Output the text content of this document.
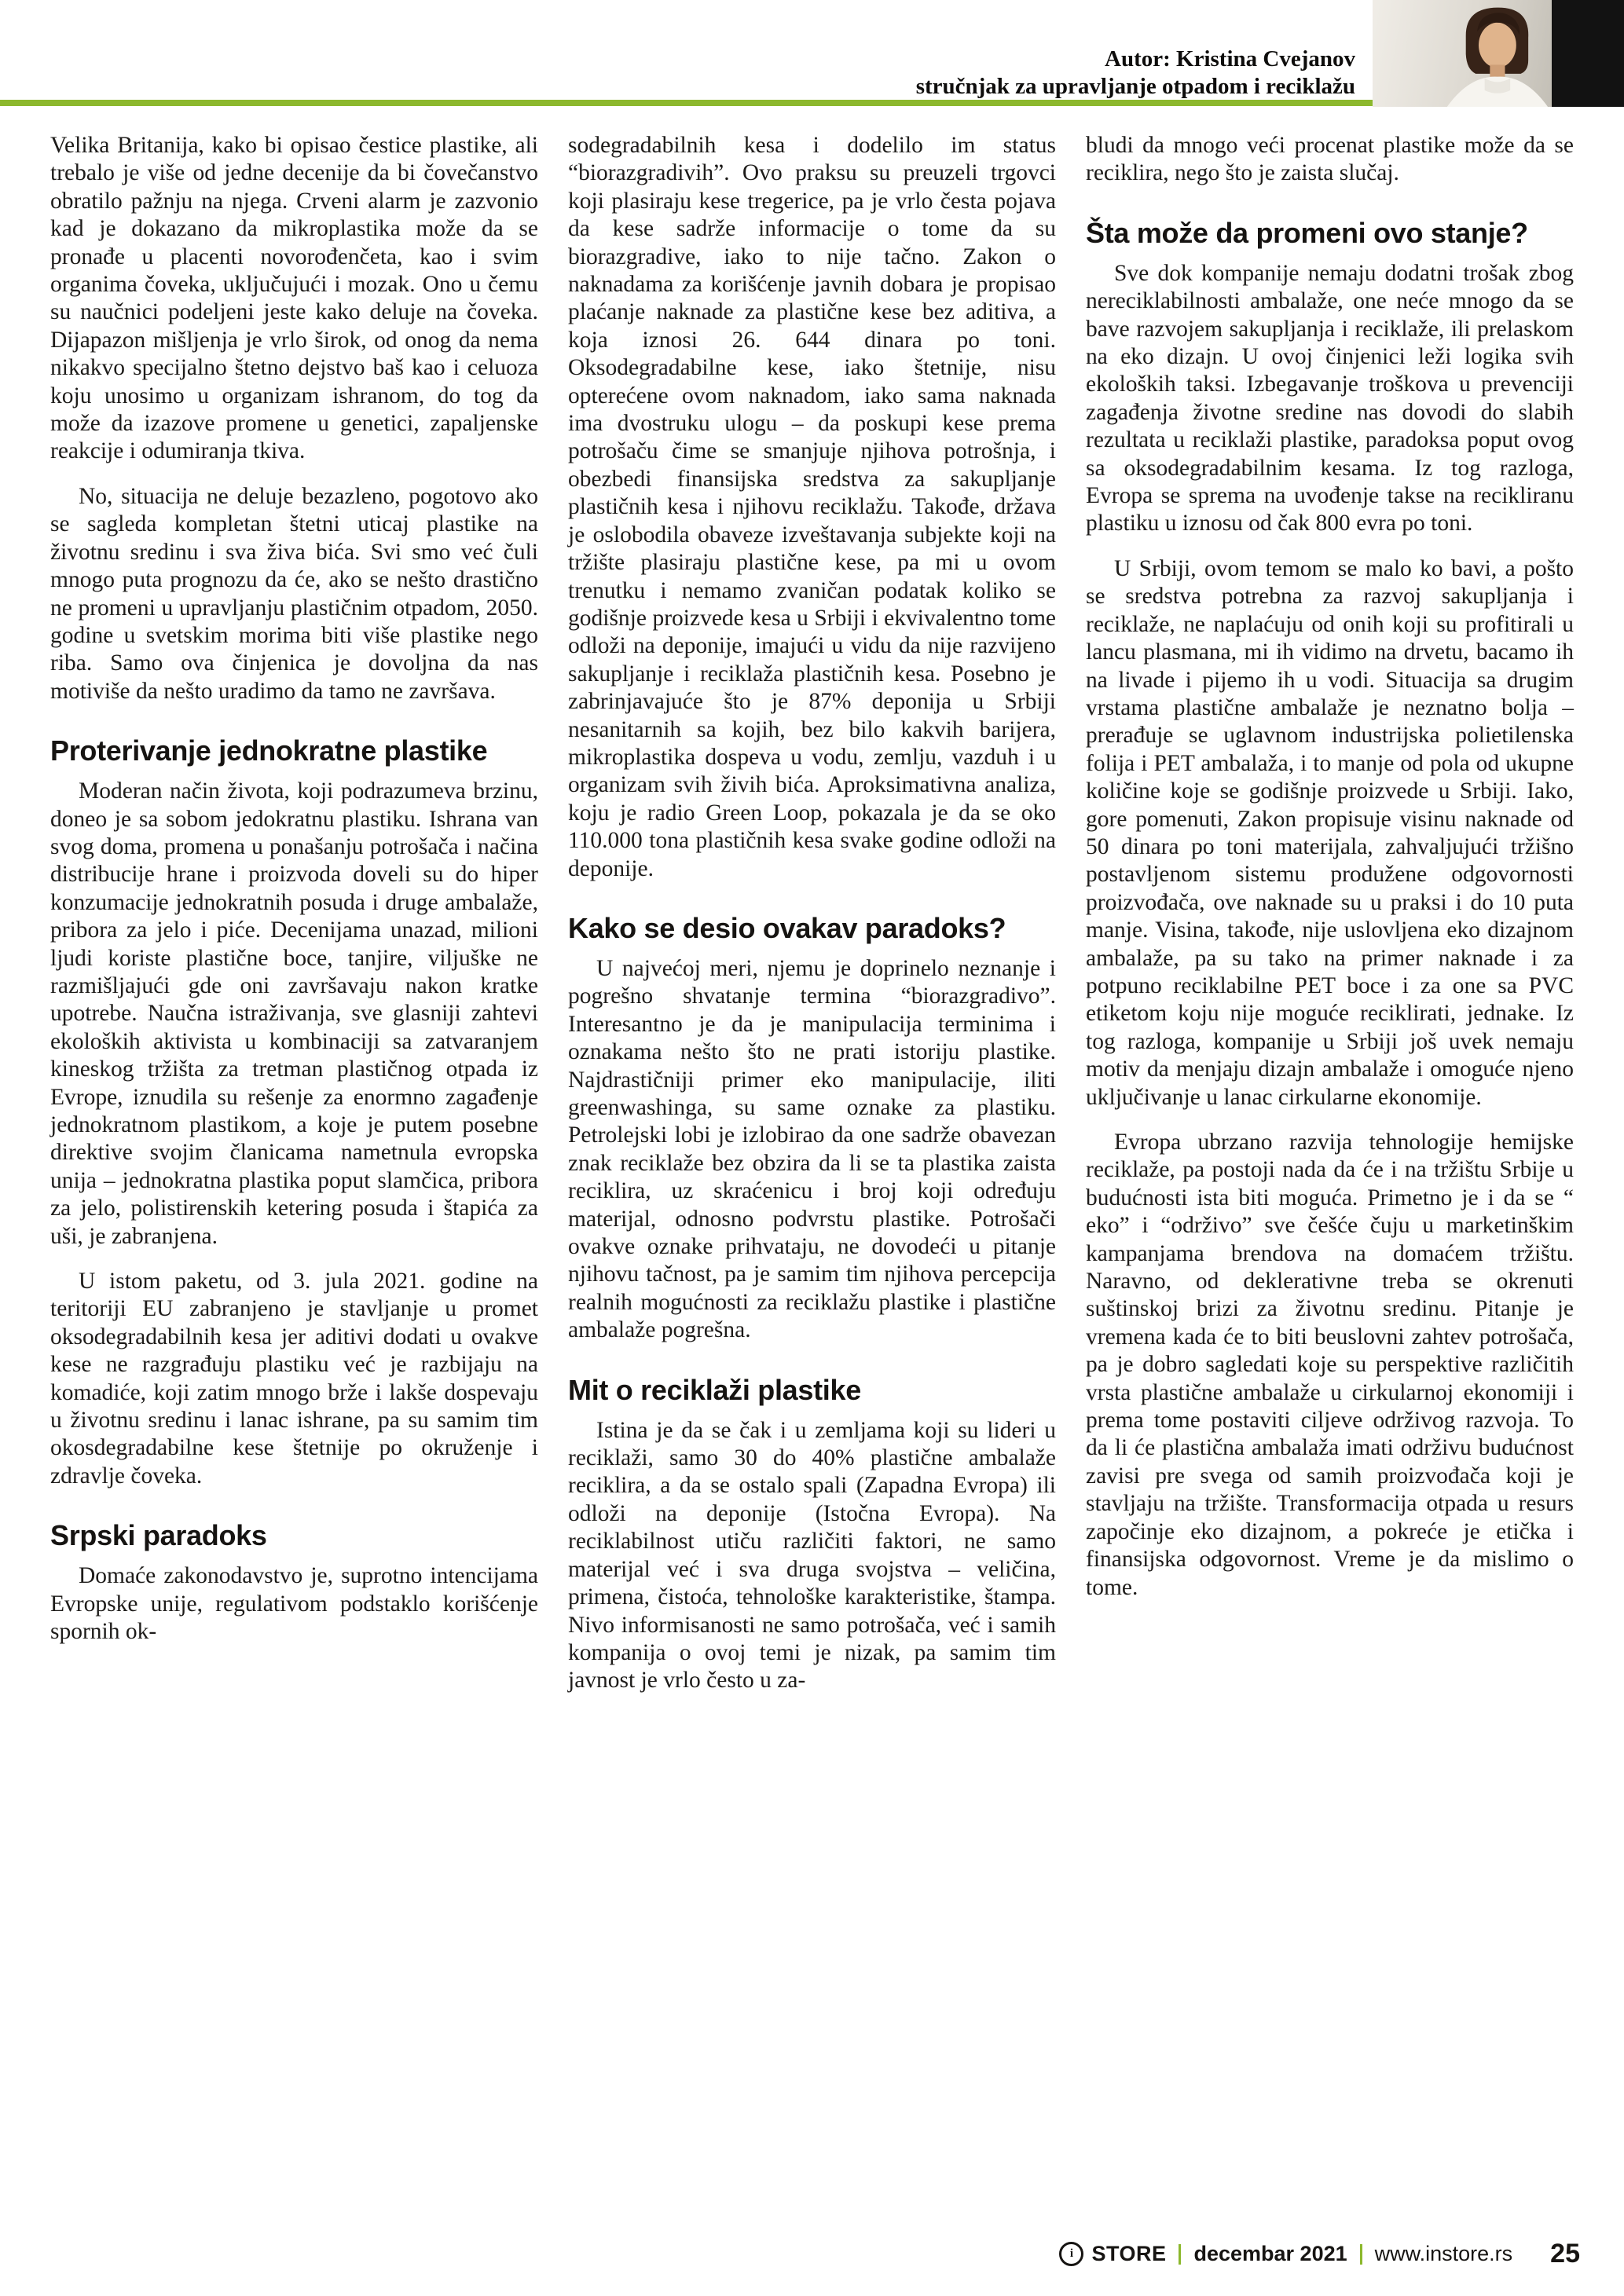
Autor: Kristina Cvejanov
stručnjak za upravljanje otpadom i reciklažu

Velika Britanija, kako bi opisao čestice plastike, ali trebalo je više od jedne decenije da bi čovečanstvo obratilo pažnju na njega. Crveni alarm je zazvonio kad je dokazano da mikroplastika može da se pronađe u placenti novorođenčeta, kao i svim organima čoveka, uključujući i mozak. Ono u čemu su naučnici podeljeni jeste kako deluje na čoveka. Dijapazon mišljenja je vrlo širok, od onog da nema nikakvo specijalno štetno dejstvo baš kao i celuoza koju unosimo u organizam ishranom, do tog da može da izazove promene u genetici, zapaljenske reakcije i odumiranja tkiva.

No, situacija ne deluje bezazleno, pogotovo ako se sagleda kompletan štetni uticaj plastike na životnu sredinu i sva živa bića. Svi smo već čuli mnogo puta prognozu da će, ako se nešto drastično ne promeni u upravljanju plastičnim otpadom, 2050. godine u svetskim morima biti više plastike nego riba. Samo ova činjenica je dovoljna da nas motiviše da nešto uradimo da tamo ne završava.

Proterivanje jednokratne plastike

Moderan način života, koji podrazumeva brzinu, doneo je sa sobom jedokratnu plastiku. Ishrana van svog doma, promena u ponašanju potrošača i načina distribucije hrane i proizvoda doveli su do hiper konzumacije jednokratnih posuda i druge ambalaže, pribora za jelo i piće. Decenijama unazad, milioni ljudi koriste plastične boce, tanjire, viljuške ne razmišljajući gde oni završavaju nakon kratke upotrebe. Naučna istraživanja, sve glasniji zahtevi ekoloških aktivista u kombinaciji sa zatvaranjem kineskog tržišta za tretman plastičnog otpada iz Evrope, iznudila su rešenje za enormno zagađenje jednokratnom plastikom, a koje je putem posebne direktive svojim članicama nametnula evropska unija – jednokratna plastika poput slamčica, pribora za jelo, polistirenskih ketering posuda i štapića za uši, je zabranjena.

U istom paketu, od 3. jula 2021. godine na teritoriji EU zabranjeno je stavljanje u promet oksodegradabilnih kesa jer aditivi dodati u ovakve kese ne razgrađuju plastiku već je razbijaju na komadiće, koji zatim mnogo brže i lakše dospevaju u životnu sredinu i lanac ishrane, pa su samim tim okosdegradabilne kese štetnije po okruženje i zdravlje čoveka.

Srpski paradoks

Domaće zakonodavstvo je, suprotno intencijama Evropske unije, regulativom podstaklo korišćenje spornih ok-

sodegradabilnih kesa i dodelilo im status “biorazgradivih”. Ovo praksu su preuzeli trgovci koji plasiraju kese tregerice, pa je vrlo česta pojava da kese sadrže informacije o tome da su biorazgradive, iako to nije tačno. Zakon o naknadama za korišćenje javnih dobara je propisao plaćanje naknade za plastične kese bez aditiva, a koja iznosi 26. 644 dinara po toni. Oksodegradabilne kese, iako štetnije, nisu opterećene ovom naknadom, iako sama naknada ima dvostruku ulogu – da poskupi kese prema potrošaču čime se smanjuje njihova potrošnja, i obezbedi finansijska sredstva za sakupljanje plastičnih kesa i njihovu reciklažu. Takođe, država je oslobodila obaveze izveštavanja subjekte koji na tržište plasiraju plastične kese, pa mi u ovom trenutku i nemamo zvaničan podatak koliko se godišnje proizvede kesa u Srbiji i ekvivalentno tome odloži na deponije, imajući u vidu da nije razvijeno sakupljanje i reciklaža plastičnih kesa. Posebno je zabrinjavajuće što je 87% deponija u Srbiji nesanitarnih sa kojih, bez bilo kakvih barijera, mikroplastika dospeva u vodu, zemlju, vazduh i u organizam svih živih bića. Aproksimativna analiza, koju je radio Green Loop, pokazala je da se oko 110.000 tona plastičnih kesa svake godine odloži na deponije.

Kako se desio ovakav paradoks?

U najvećoj meri, njemu je doprinelo neznanje i pogrešno shvatanje termina “biorazgradivo”. Interesantno je da je manipulacija terminima i oznakama nešto što ne prati istoriju plastike. Najdrastičniji primer eko manipulacije, iliti greenwashinga, su same oznake za plastiku. Petrolejski lobi je izlobirao da one sadrže obavezan znak reciklaže bez obzira da li se ta plastika zaista reciklira, uz skraćenicu i broj koji određuju materijal, odnosno podvrstu plastike. Potrošači ovakve oznake prihvataju, ne dovodeći u pitanje njihovu tačnost, pa je samim tim njihova percepcija realnih mogućnosti za reciklažu plastike i plastične ambalaže pogrešna.

Mit o reciklaži plastike

Istina je da se čak i u zemljama koji su lideri u reciklaži, samo 30 do 40% plastične ambalaže reciklira, a da se ostalo spali (Zapadna Evropa) ili odloži na deponije (Istočna Evropa). Na reciklabilnost utiču različiti faktori, ne samo materijal već i sva druga svojstva – veličina, primena, čistoća, tehnološke karakteristike, štampa. Nivo informisanosti ne samo potrošača, već i samih kompanija o ovoj temi je nizak, pa samim tim javnost je vrlo često u za-

bludi da mnogo veći procenat plastike može da se reciklira, nego što je zaista slučaj.

Šta može da promeni ovo stanje?

Sve dok kompanije nemaju dodatni trošak zbog nereciklabilnosti ambalaže, one neće mnogo da se bave razvojem sakupljanja i reciklaže, ili prelaskom na eko dizajn. U ovoj činjenici leži logika svih ekoloških taksi. Izbegavanje troškova u prevenciji zagađenja životne sredine nas dovodi do slabih rezultata u reciklaži plastike, paradoksa poput ovog sa oksodegradabilnim kesama. Iz tog razloga, Evropa se sprema na uvođenje takse na recikliranu plastiku u iznosu od čak 800 evra po toni.

U Srbiji, ovom temom se malo ko bavi, a pošto se sredstva potrebna za razvoj sakupljanja i reciklaže, ne naplaćuju od onih koji su profitirali u lancu plasmana, mi ih vidimo na drvetu, bacamo ih na livade i pijemo ih u vodi. Situacija sa drugim vrstama plastične ambalaže je neznatno bolja – prerađuje se uglavnom industrijska polietilenska folija i PET ambalaža, i to manje od pola od ukupne količine koje se godišnje proizvede u Srbiji. Iako, gore pomenuti, Zakon propisuje visinu naknade od 50 dinara po toni materijala, zahvaljujući tržišno postavljenom sistemu produžene odgovornosti proizvođača, ove naknade su u praksi i do 10 puta manje. Visina, takođe, nije uslovljena eko dizajnom ambalaže, pa su tako na primer naknade i za potpuno reciklabilne PET boce i za one sa PVC etiketom koju nije moguće reciklirati, jednake. Iz tog razloga, kompanije u Srbiji još uvek nemaju motiv da menjaju dizajn ambalaže i omoguće njeno uključivanje u lanac cirkularne ekonomije.

Evropa ubrzano razvija tehnologije hemijske reciklaže, pa postoji nada da će i na tržištu Srbije u budućnosti ista biti moguća. Primetno je i da se “ eko” i “održivo” sve češće čuju u marketinškim kampanjama brendova na domaćem tržištu. Naravno, od deklerativne treba se okrenuti suštinskoj brizi za životnu sredinu. Pitanje je vremena kada će to biti beuslovni zahtev potrošača, pa je dobro sagledati koje su perspektive različitih vrsta plastične ambalaže u cirkularnoj ekonomiji i prema tome postaviti ciljeve održivog razvoja. To da li će plastična ambalaža imati održivu budućnost zavisi pre svega od samih proizvođača koji je stavljaju na tržište. Transformacija otpada u resurs započinje eko dizajnom, a pokreće je etička i finansijska odgovornost. Vreme je da mislimo o tome.

i STORE decembar 2021 www.instore.rs 25
